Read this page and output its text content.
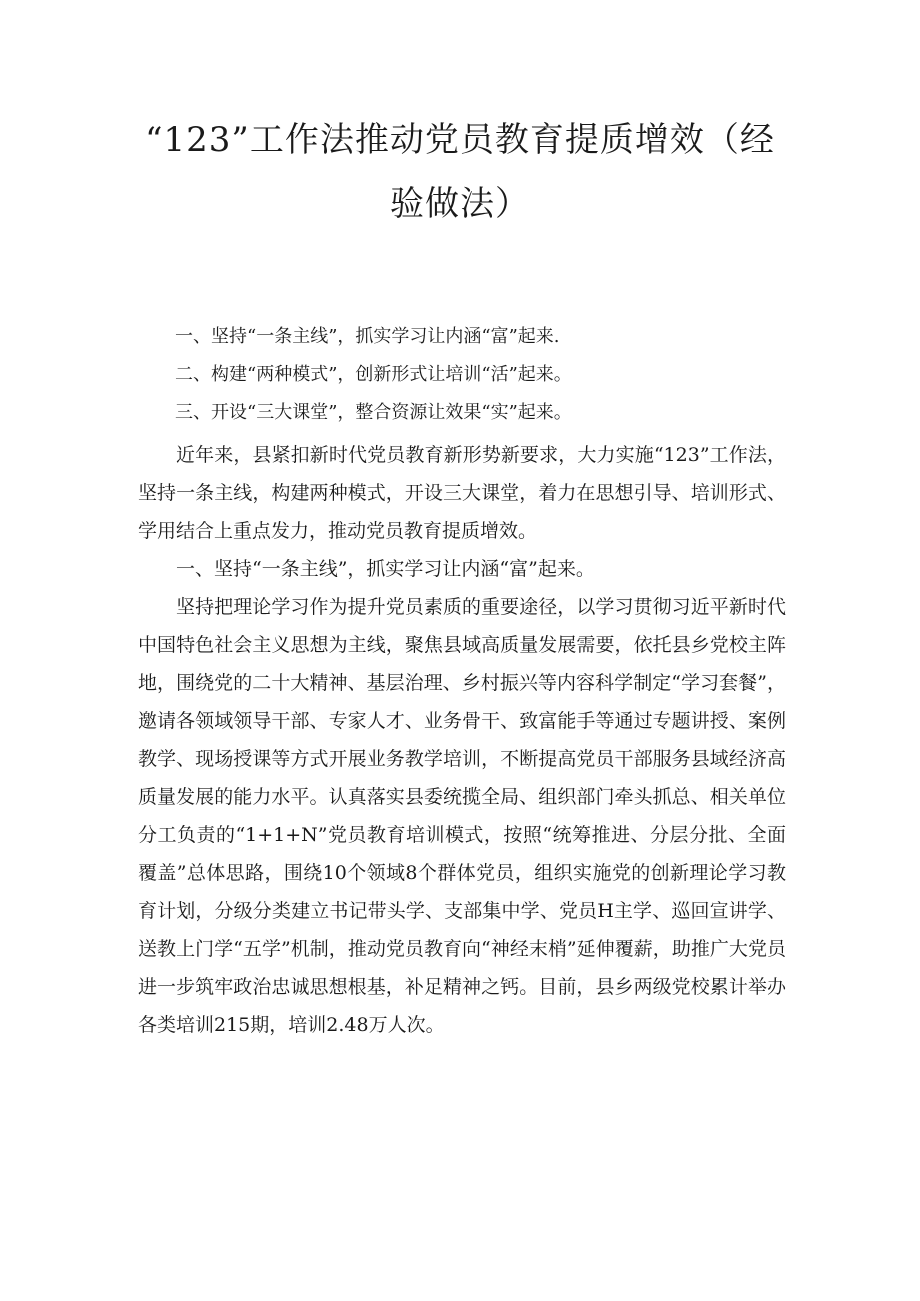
“123”工作法推动党员教育提质增效（经验做法）

一、坚持“一条主线”，抓实学习让内涵“富”起来.

二、构建“两种模式”，创新形式让培训“活”起来。

三、开设“三大课堂”，整合资源让效果“实”起来。

近年来，县紧扣新时代党员教育新形势新要求，大力实施“123”工作法，坚持一条主线，构建两种模式，开设三大课堂，着力在思想引导、培训形式、学用结合上重点发力，推动党员教育提质增效。

一、坚持“一条主线”，抓实学习让内涵“富”起来。

坚持把理论学习作为提升党员素质的重要途径，以学习贯彻习近平新时代中国特色社会主义思想为主线，聚焦县域高质量发展需要，依托县乡党校主阵地，围绕党的二十大精神、基层治理、乡村振兴等内容科学制定“学习套餐”，邀请各领域领导干部、专家人才、业务骨干、致富能手等通过专题讲授、案例教学、现场授课等方式开展业务教学培训，不断提高党员干部服务县域经济高质量发展的能力水平。认真落实县委统揽全局、组织部门牵头抓总、相关单位分工负责的“1+1+N”党员教育培训模式，按照“统筹推进、分层分批、全面覆盖”总体思路，围绕10个领域8个群体党员，组织实施党的创新理论学习教育计划，分级分类建立书记带头学、支部集中学、党员H主学、巡回宣讲学、送教上门学“五学”机制，推动党员教育向“神经末梢”延伸覆薪，助推广大党员进一步筑牢政治忠诚思想根基，补足精神之钙。目前，县乡两级党校累计举办各类培训215期，培训2.48万人次。
